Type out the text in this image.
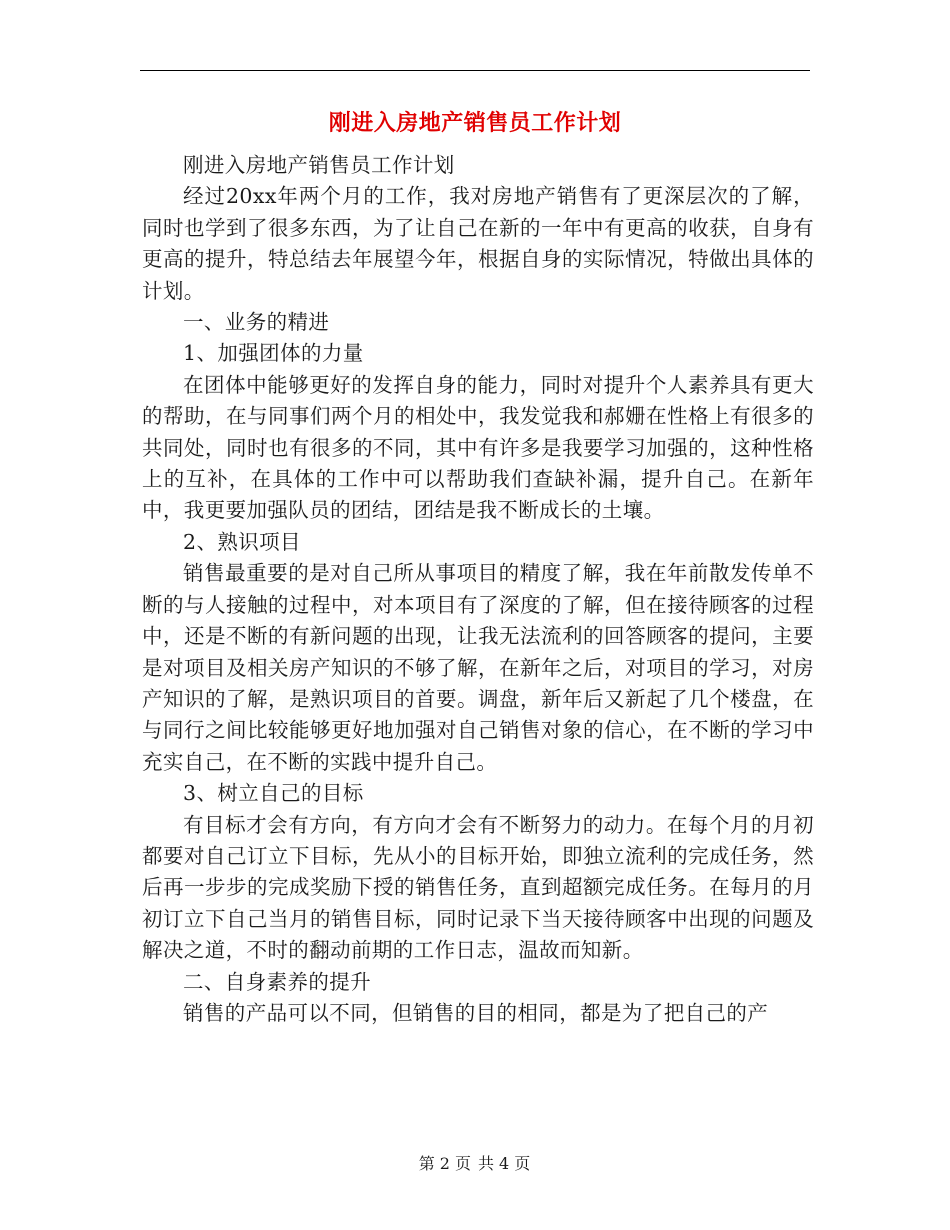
刚进入房地产销售员工作计划

刚进入房地产销售员工作计划

经过20xx年两个月的工作，我对房地产销售有了更深层次的了解，同时也学到了很多东西，为了让自己在新的一年中有更高的收获，自身有更高的提升，特总结去年展望今年，根据自身的实际情况，特做出具体的计划。

一、业务的精进

1、加强团体的力量

在团体中能够更好的发挥自身的能力，同时对提升个人素养具有更大的帮助，在与同事们两个月的相处中，我发觉我和郝姗在性格上有很多的共同处，同时也有很多的不同，其中有许多是我要学习加强的，这种性格上的互补，在具体的工作中可以帮助我们查缺补漏，提升自己。在新年中，我更要加强队员的团结，团结是我不断成长的土壤。

2、熟识项目

销售最重要的是对自己所从事项目的精度了解，我在年前散发传单不断的与人接触的过程中，对本项目有了深度的了解，但在接待顾客的过程中，还是不断的有新问题的出现，让我无法流利的回答顾客的提问，主要是对项目及相关房产知识的不够了解，在新年之后，对项目的学习，对房产知识的了解，是熟识项目的首要。调盘，新年后又新起了几个楼盘，在与同行之间比较能够更好地加强对自己销售对象的信心，在不断的学习中充实自己，在不断的实践中提升自己。

3、树立自己的目标

有目标才会有方向，有方向才会有不断努力的动力。在每个月的月初都要对自己订立下目标，先从小的目标开始，即独立流利的完成任务，然后再一步步的完成奖励下授的销售任务，直到超额完成任务。在每月的月初订立下自己当月的销售目标，同时记录下当天接待顾客中出现的问题及解决之道，不时的翻动前期的工作日志，温故而知新。

二、自身素养的提升

销售的产品可以不同，但销售的目的相同，都是为了把自己的产

第 2 页 共 4 页
